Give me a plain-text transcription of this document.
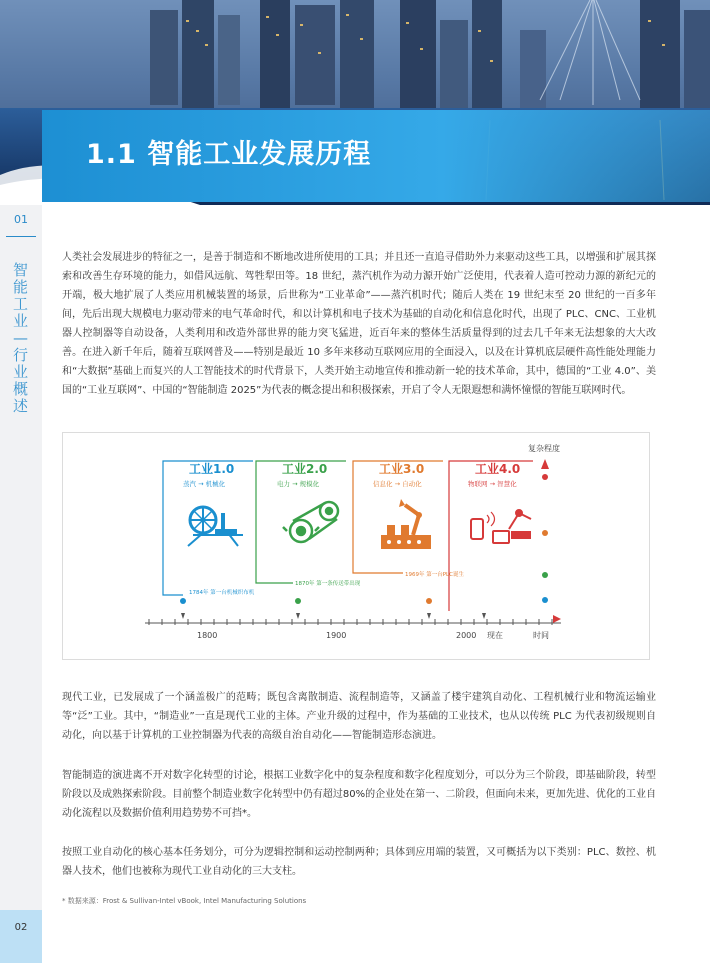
1.1 智能工业发展历程
01
智能工业—行业概述
02

人类社会发展进步的特征之一，是善于制造和不断地改进所使用的工具；并且还一直追寻借助外力来驱动这些工具，以增强和扩展其探索和改善生存环境的能力，如借风远航、驾牲犁田等。18 世纪，蒸汽机作为动力源开始广泛使用，代表着人造可控动力源的新纪元的开端，极大地扩展了人类应用机械装置的场景，后世称为“工业革命”——蒸汽机时代；随后人类在 19 世纪末至 20 世纪的一百多年间，先后出现大规模电力驱动带来的电气革命时代，和以计算机和电子技术为基础的自动化和信息化时代，出现了 PLC、CNC、工业机器人控制器等自动设备，人类利用和改造外部世界的能力突飞猛进，近百年来的整体生活质量得到的过去几千年来无法想象的大大改善。在进入新千年后，随着互联网普及——特别是最近 10 多年来移动互联网应用的全面浸入，以及在计算机底层硬件高性能处理能力和“大数据”基础上而复兴的人工智能技术的时代背景下，人类开始主动地宣传和推动新一轮的技术革命，其中，德国的“工业 4.0”、美国的“工业互联网”、中国的“智能制造 2025”为代表的概念提出和积极探索，开启了令人无限遐想和满怀憧憬的智能互联网时代。

复杂程度
工业1.0	工业2.0	工业3.0	工业4.0
蒸汽 → 机械化	电力 → 规模化	信息化 → 自动化	物联网 → 智慧化
1784年 第一台机械织布机
1870年 第一条传送带出现
1969年 第一台PLC诞生
1800	1900	2000 现在	时间

现代工业，已发展成了一个涵盖极广的范畴；既包含离散制造、流程制造等，又涵盖了楼宇建筑自动化、工程机械行业和物流运输业等“泛”工业。其中，“制造业”一直是现代工业的主体。产业升级的过程中，作为基础的工业技术，也从以传统 PLC 为代表初级规则自动化，向以基于计算机的工业控制器为代表的高级自治自动化——智能制造形态演进。

智能制造的演进离不开对数字化转型的讨论，根据工业数字化中的复杂程度和数字化程度划分，可以分为三个阶段，即基础阶段，转型阶段以及成熟探索阶段。目前整个制造业数字化转型中仍有超过80%的企业处在第一、二阶段，但面向未来，更加先进、优化的工业自动化流程以及数据价值利用趋势势不可挡*。

按照工业自动化的核心基本任务划分，可分为逻辑控制和运动控制两种；具体到应用端的装置，又可概括为以下类别：PLC、数控、机器人技术，他们也被称为现代工业自动化的三大支柱。

* 数据来源：Frost & Sullivan-Intel vBook, Intel Manufacturing Solutions
